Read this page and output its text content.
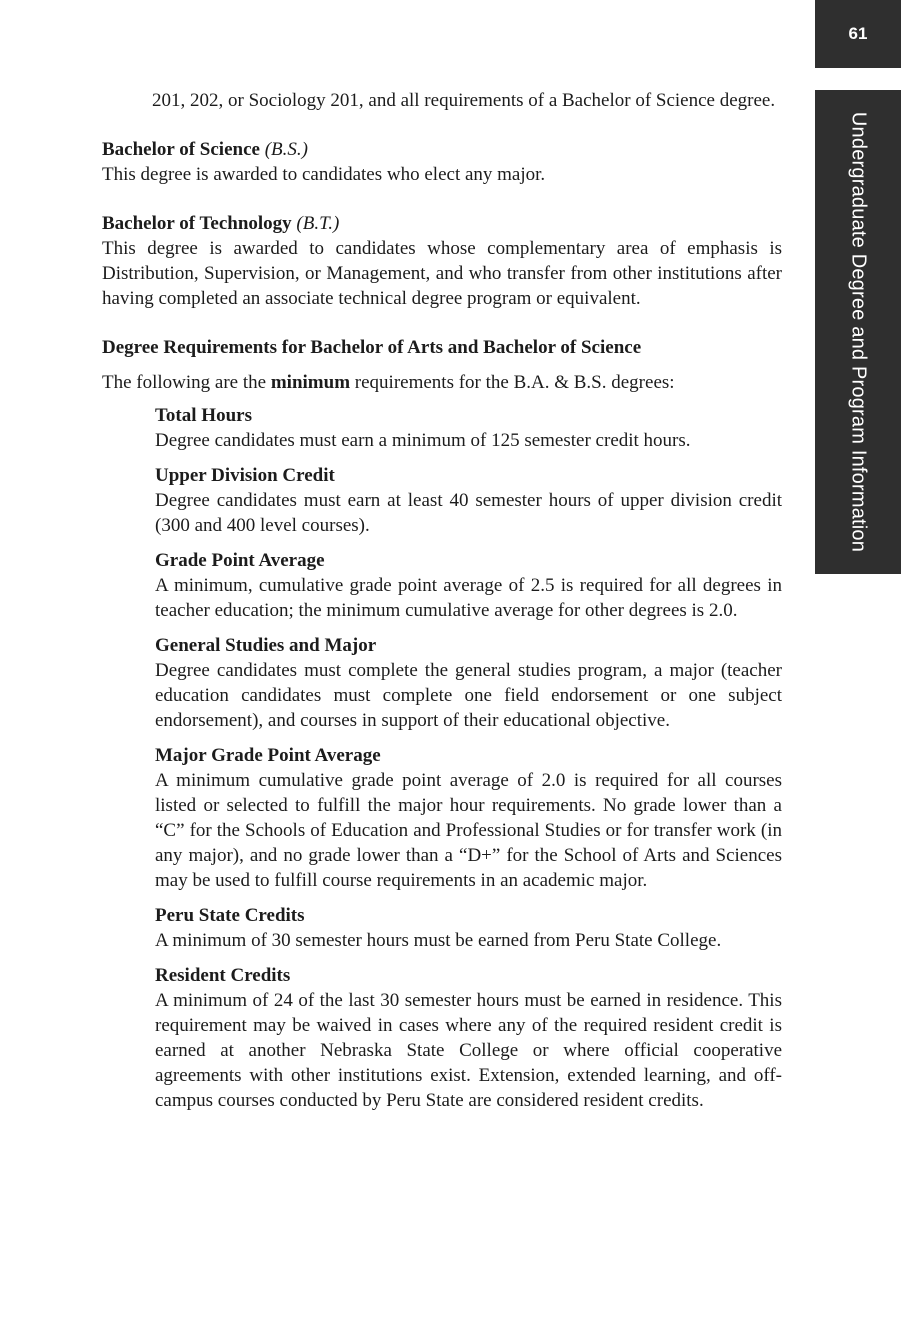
61
Undergraduate Degree and Program Information

201, 202, or Sociology 201, and all requirements of a Bachelor of Science degree.

Bachelor of Science (B.S.)

This degree is awarded to candidates who elect any major.

Bachelor of Technology (B.T.)

This degree is awarded to candidates whose complementary area of emphasis is Distribution, Supervision, or Management, and who transfer from other institutions after having completed an associate technical degree program or equivalent.

Degree Requirements for Bachelor of Arts and Bachelor of Science

The following are the minimum requirements for the B.A. & B.S. degrees:

Total Hours

Degree candidates must earn a minimum of 125 semester credit hours.

Upper Division Credit

Degree candidates must earn at least 40 semester hours of upper division credit (300 and 400 level courses).

Grade Point Average

A minimum, cumulative grade point average of 2.5 is required for all degrees in teacher education; the minimum cumulative average for other degrees is 2.0.

General Studies and Major

Degree candidates must complete the general studies program, a major (teacher education candidates must complete one field endorsement or one subject endorsement), and courses in support of their educational objective.

Major Grade Point Average

A minimum cumulative grade point average of 2.0 is required for all courses listed or selected to fulfill the major hour requirements. No grade lower than a “C” for the Schools of Education and Professional Studies or for transfer work (in any major), and no grade lower than a “D+” for the School of Arts and Sciences may be used to fulfill course requirements in an academic major.

Peru State Credits

A minimum of 30 semester hours must be earned from Peru State College.

Resident Credits

A minimum of 24 of the last 30 semester hours must be earned in residence. This requirement may be waived in cases where any of the required resident credit is earned at another Nebraska State College or where official cooperative agreements with other institutions exist. Extension, extended learning, and off-campus courses conducted by Peru State are considered resident credits.
